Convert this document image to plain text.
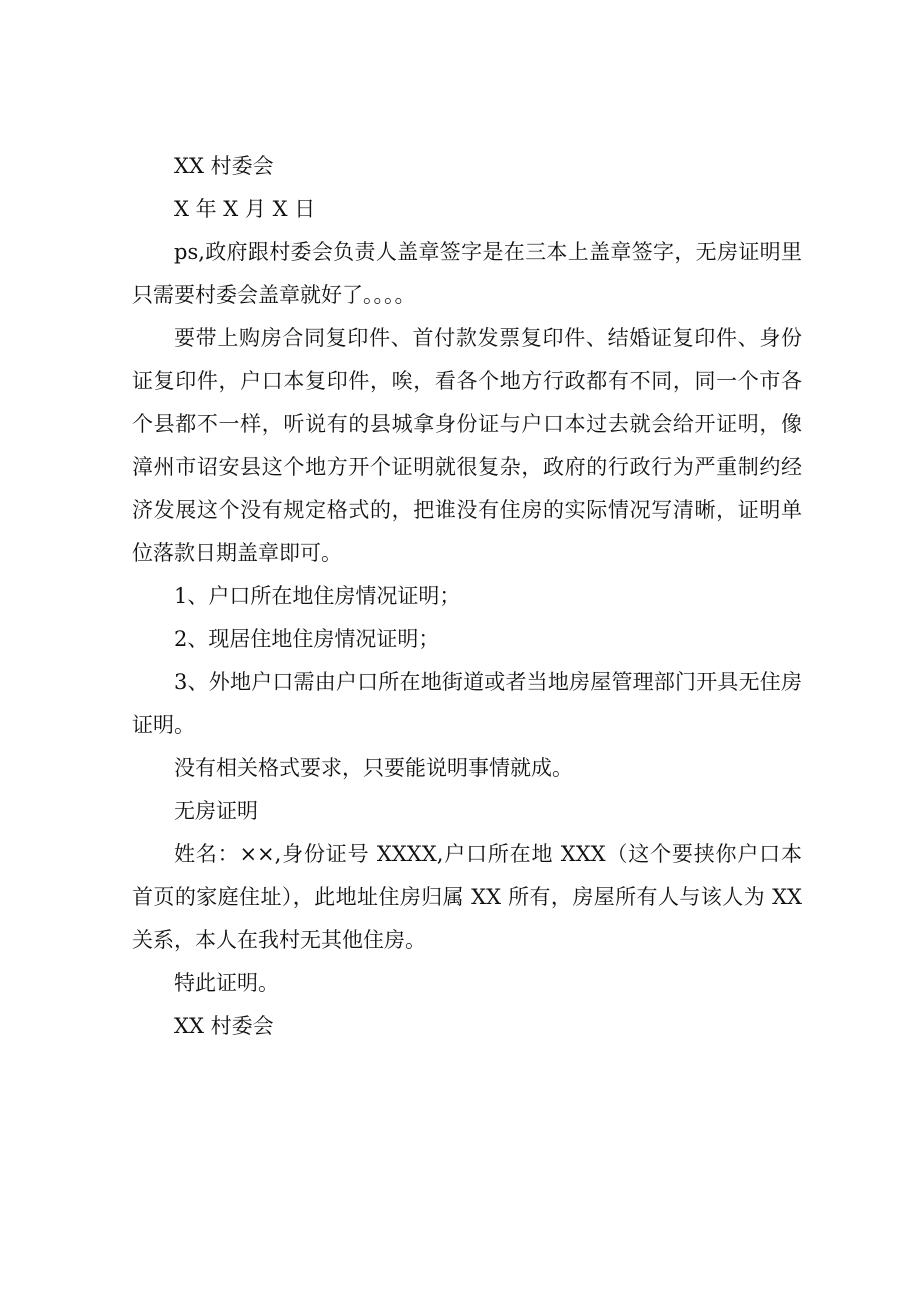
XX 村委会

X 年 X 月 X 日

ps,政府跟村委会负责人盖章签字是在三本上盖章签字，无房证明里只需要村委会盖章就好了。。。。

要带上购房合同复印件、首付款发票复印件、结婚证复印件、身份证复印件，户口本复印件，唉，看各个地方行政都有不同，同一个市各个县都不一样，听说有的县城拿身份证与户口本过去就会给开证明，像漳州市诏安县这个地方开个证明就很复杂，政府的行政行为严重制约经济发展这个没有规定格式的，把谁没有住房的实际情况写清晰，证明单位落款日期盖章即可。

1、户口所在地住房情况证明；

2、现居住地住房情况证明；

3、外地户口需由户口所在地街道或者当地房屋管理部门开具无住房证明。

没有相关格式要求，只要能说明事情就成。

无房证明

姓名：××,身份证号 XXXX,户口所在地 XXX（这个要挟你户口本首页的家庭住址），此地址住房归属 XX 所有，房屋所有人与该人为 XX 关系，本人在我村无其他住房。

特此证明。

XX 村委会
